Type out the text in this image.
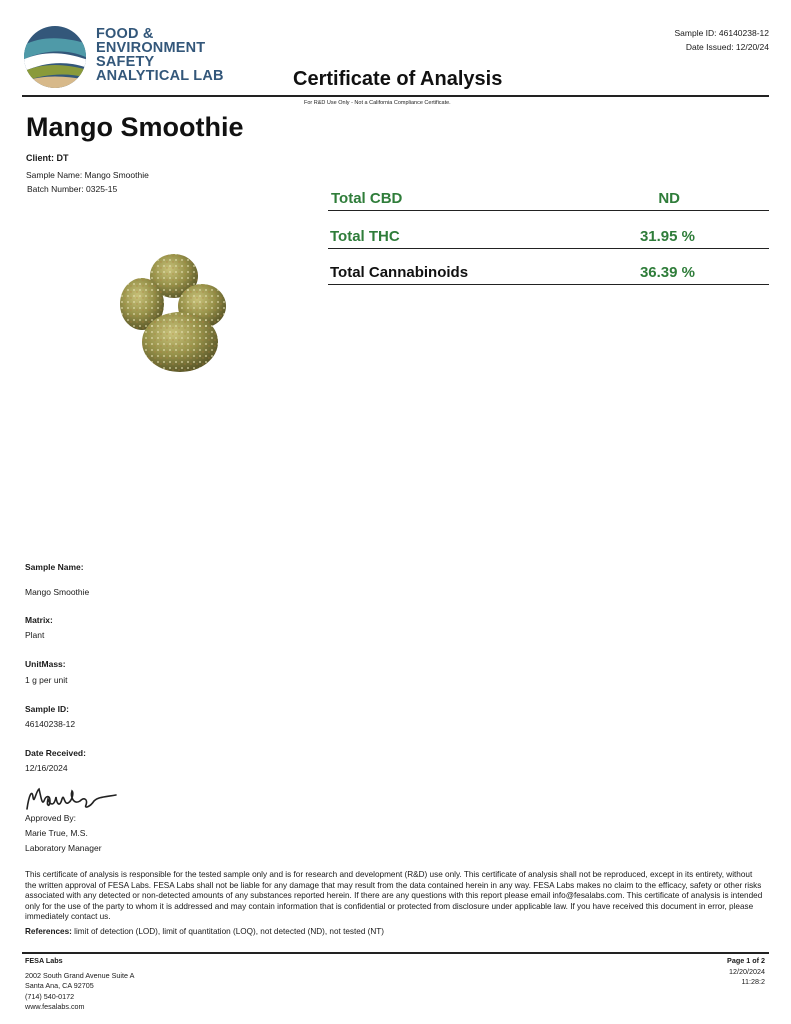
FOOD &
ENVIRONMENT
SAFETY
ANALYTICAL LAB
Sample ID: 46140238-12
Date Issued: 12/20/24
Certificate of Analysis
For R&D Use Only - Not a California Compliance Certificate.
Mango Smoothie
Client: DT
Sample Name: Mango Smoothie
Batch Number: 0325-15
Total CBD	ND
Total THC	31.95 %
Total Cannabinoids	36.39 %
Sample Name:
Mango Smoothie
Matrix:
Plant
UnitMass:
1 g per unit
Sample ID:
46140238-12
Date Received:
12/16/2024
Approved By:
Marie True, M.S.
Laboratory Manager
This certificate of analysis is responsible for the tested sample only and is for research and development (R&D) use only. This certificate of analysis shall not be reproduced, except in its entirety, without the written approval of FESA Labs. FESA Labs shall not be liable for any damage that may result from the data contained herein in any way. FESA Labs makes no claim to the efficacy, safety or other risks associated with any detected or non-detected amounts of any substances reported herein. If there are any questions with this report please email info@fesalabs.com. This certificate of analysis is intended only for the use of the party to whom it is addressed and may contain information that is confidential or protected from disclosure under applicable law. If you have received this document in error, please immediately contact us.
References: limit of detection (LOD), limit of quantitation (LOQ), not detected (ND), not tested (NT)
FESA Labs
2002 South Grand Avenue Suite A
Santa Ana, CA 92705
(714) 540-0172
www.fesalabs.com
Page 1 of 2
12/20/2024
11:28:2
